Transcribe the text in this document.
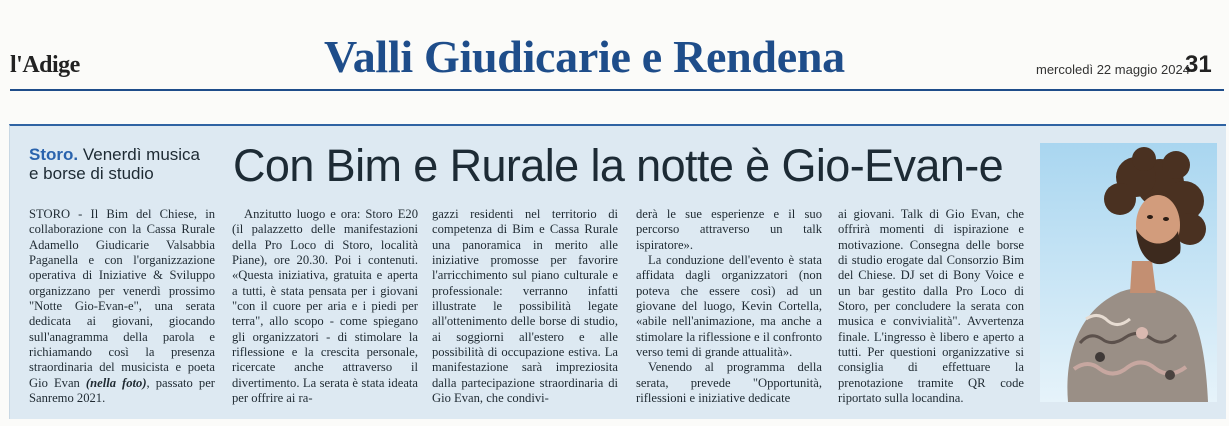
l'Adige	Valli Giudicarie e Rendena	mercoledì 22 maggio 2024
31
Storo. Venerdì musica e borse di studio	Con Bim e Rurale la notte è Gio-Evan-e

STORO - Il Bim del Chiese, in collaborazione con la Cassa Rurale Adamello Giudicarie Valsabbia Paganella e con l'organizzazione operativa di Iniziative & Sviluppo organizzano per venerdì prossimo "Notte Gio-Evan-e", una serata dedicata ai giovani, giocando sull'anagramma della parola e richiamando così la presenza straordinaria del musicista e poeta Gio Evan (nella foto), passato per Sanremo 2021.

Anzitutto luogo e ora: Storo E20 (il palazzetto delle manifestazioni della Pro Loco di Storo, località Piane), ore 20.30. Poi i contenuti. «Questa iniziativa, gratuita e aperta a tutti, è stata pensata per i giovani "con il cuore per aria e i piedi per terra", allo scopo - come spiegano gli organizzatori - di stimolare la riflessione e la crescita personale, ricercate anche attraverso il divertimento. La serata è stata ideata per offrire ai ra-

gazzi residenti nel territorio di competenza di Bim e Cassa Rurale una panoramica in merito alle iniziative promosse per favorire l'arricchimento sul piano culturale e professionale: verranno infatti illustrate le possibilità legate all'ottenimento delle borse di studio, ai soggiorni all'estero e alle possibilità di occupazione estiva. La manifestazione sarà impreziosita dalla partecipazione straordinaria di Gio Evan, che condivi-

derà le sue esperienze e il suo percorso attraverso un talk ispiratore».

La conduzione dell'evento è stata affidata dagli organizzatori (non poteva che essere così) ad un giovane del luogo, Kevin Cortella, «abile nell'animazione, ma anche a stimolare la riflessione e il confronto verso temi di grande attualità».

Venendo al programma della serata, prevede "Opportunità, riflessioni e iniziative dedicate

ai giovani. Talk di Gio Evan, che offrirà momenti di ispirazione e motivazione. Consegna delle borse di studio erogate dal Consorzio Bim del Chiese. DJ set di Bony Voice e un bar gestito dalla Pro Loco di Storo, per concludere la serata con musica e convivialità". Avvertenza finale. L'ingresso è libero e aperto a tutti. Per questioni organizzative si consiglia di effettuare la prenotazione tramite QR code riportato sulla locandina.
